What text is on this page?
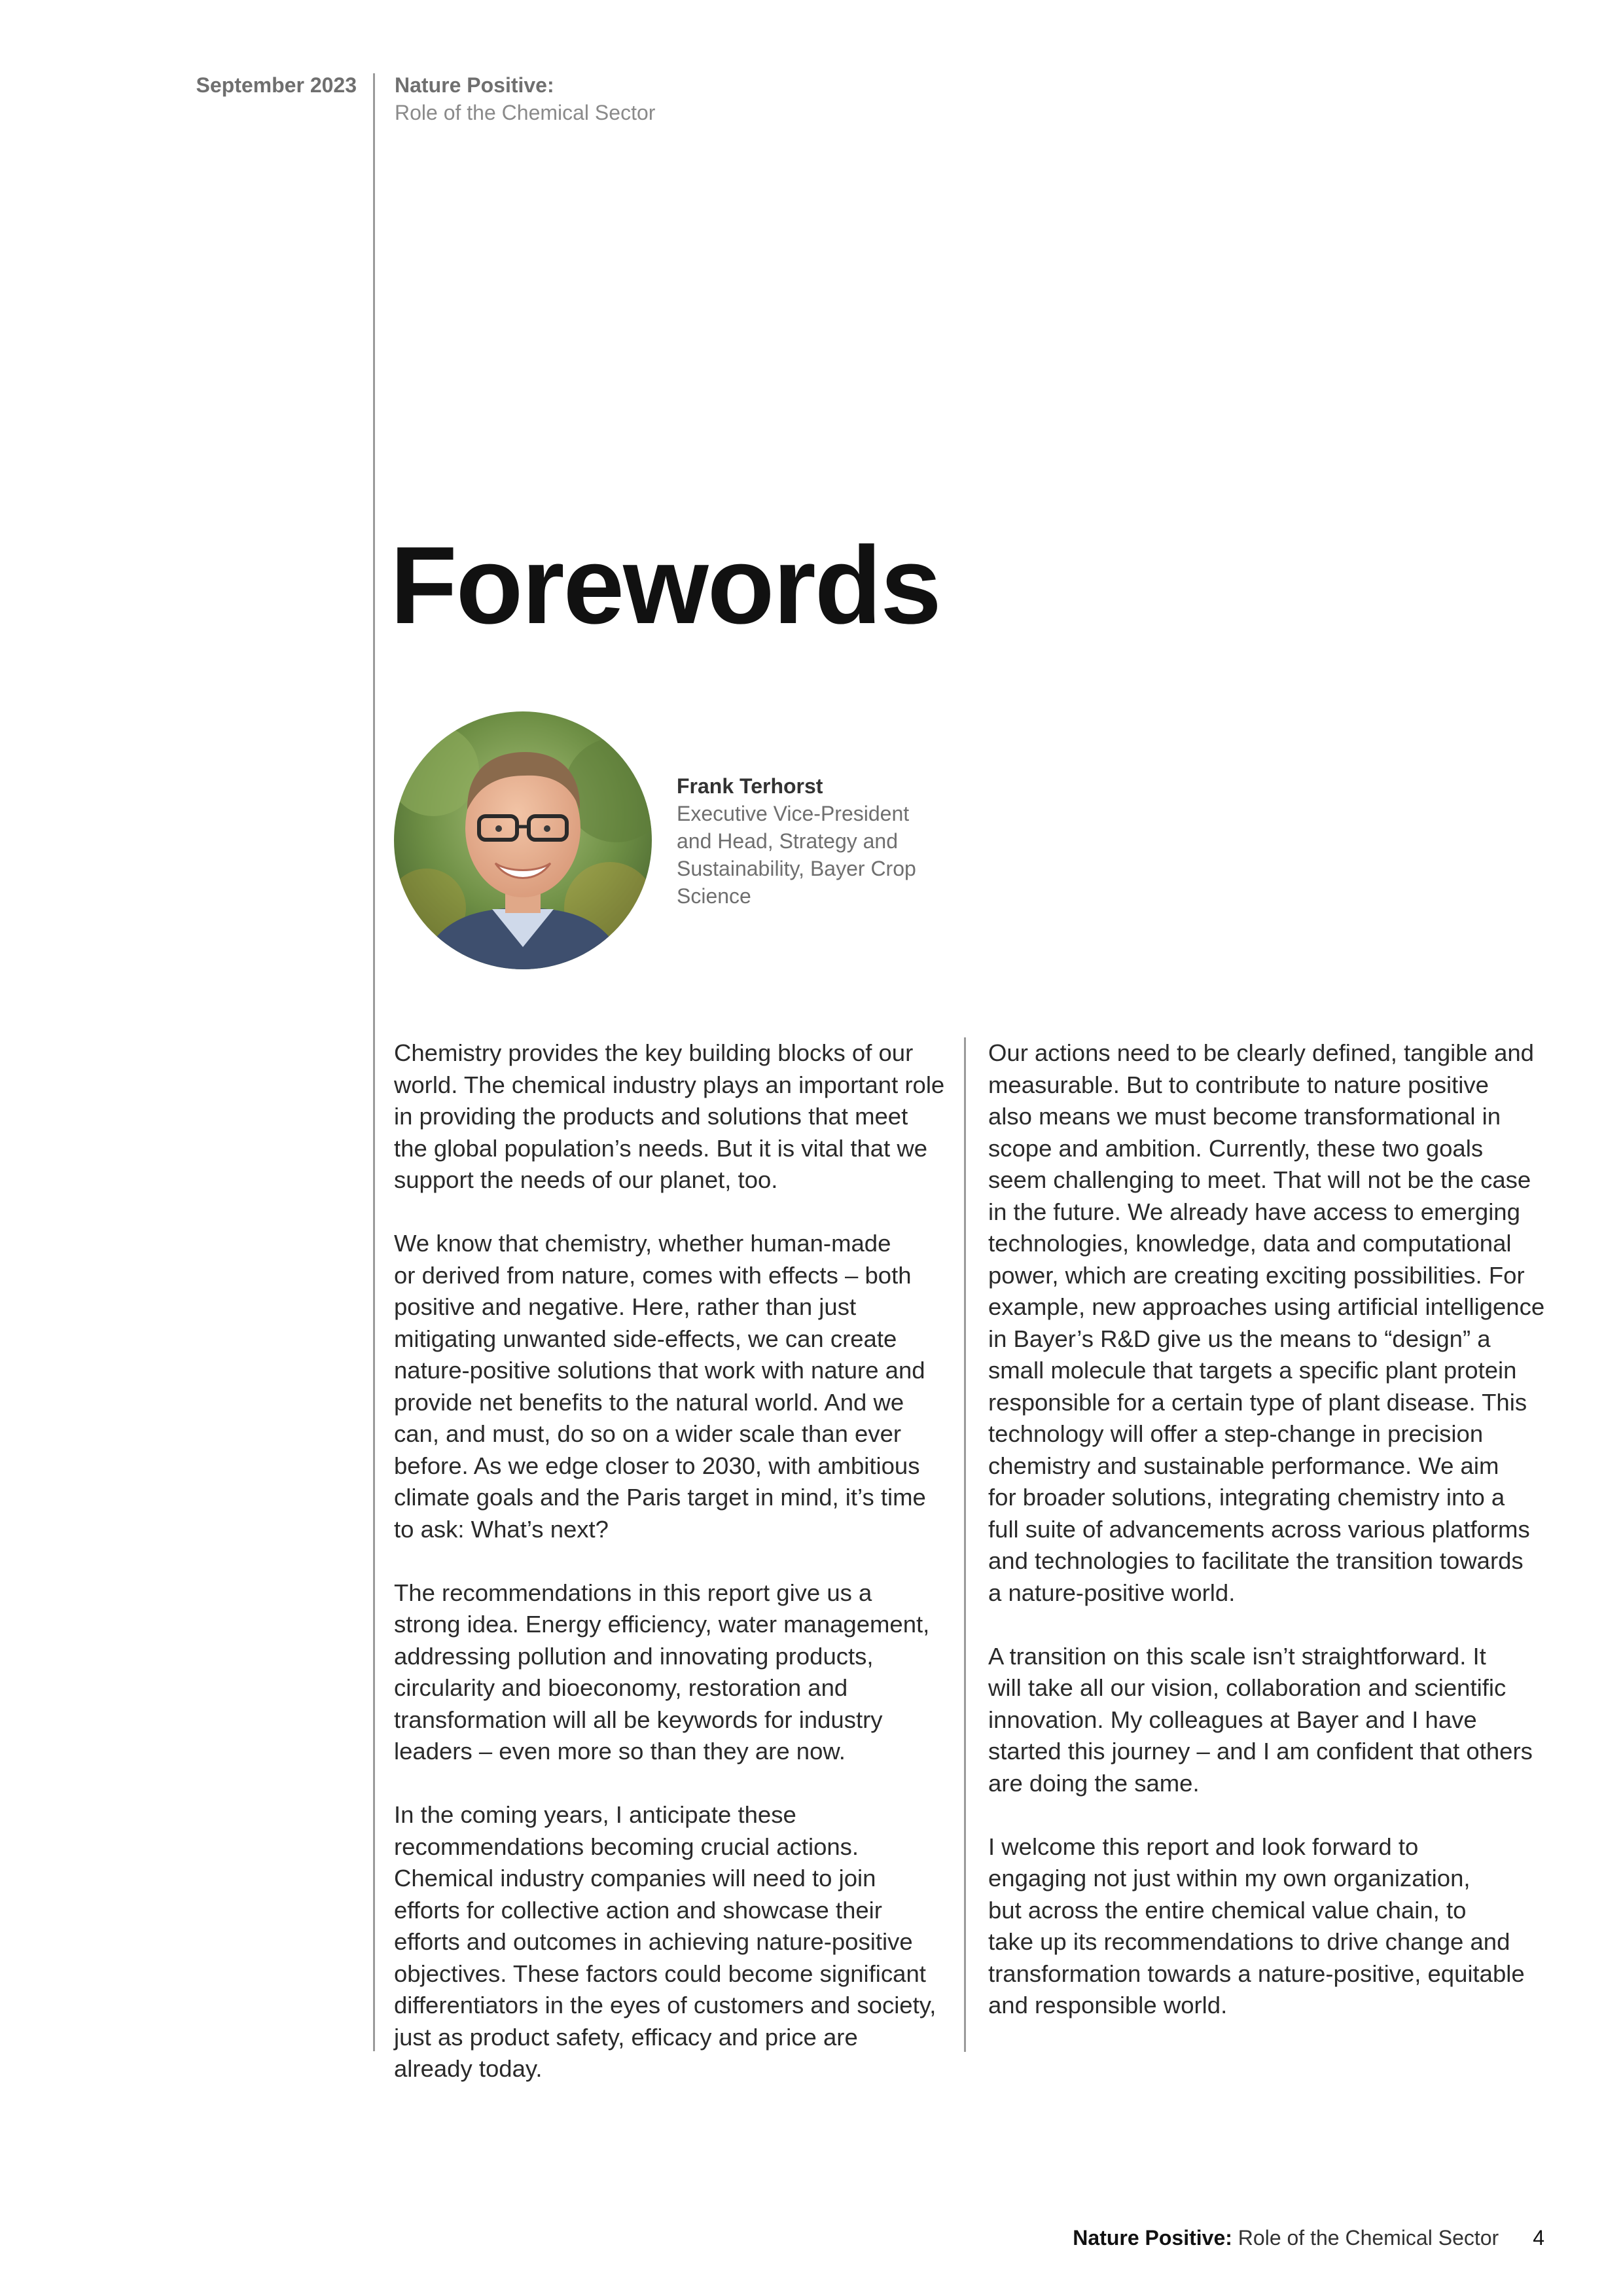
September 2023 Nature Positive:
Role of the Chemical Sector
Forewords
Frank Terhorst
Executive Vice-President
and Head, Strategy and
Sustainability, Bayer Crop
Science

Chemistry provides the key building blocks of our
world. The chemical industry plays an important role
in providing the products and solutions that meet
the global population’s needs. But it is vital that we
support the needs of our planet, too.

We know that chemistry, whether human-made
or derived from nature, comes with effects – both
positive and negative. Here, rather than just
mitigating unwanted side-effects, we can create
nature-positive solutions that work with nature and
provide net benefits to the natural world. And we
can, and must, do so on a wider scale than ever
before. As we edge closer to 2030, with ambitious
climate goals and the Paris target in mind, it’s time
to ask: What’s next?

The recommendations in this report give us a
strong idea. Energy efficiency, water management,
addressing pollution and innovating products,
circularity and bioeconomy, restoration and
transformation will all be keywords for industry
leaders – even more so than they are now.

In the coming years, I anticipate these
recommendations becoming crucial actions.
Chemical industry companies will need to join
efforts for collective action and showcase their
efforts and outcomes in achieving nature-positive
objectives. These factors could become significant
differentiators in the eyes of customers and society,
just as product safety, efficacy and price are
already today.

Our actions need to be clearly defined, tangible and
measurable. But to contribute to nature positive
also means we must become transformational in
scope and ambition. Currently, these two goals
seem challenging to meet. That will not be the case
in the future. We already have access to emerging
technologies, knowledge, data and computational
power, which are creating exciting possibilities. For
example, new approaches using artificial intelligence
in Bayer’s R&D give us the means to “design” a
small molecule that targets a specific plant protein
responsible for a certain type of plant disease. This
technology will offer a step-change in precision
chemistry and sustainable performance. We aim
for broader solutions, integrating chemistry into a
full suite of advancements across various platforms
and technologies to facilitate the transition towards
a nature-positive world.

A transition on this scale isn’t straightforward. It
will take all our vision, collaboration and scientific
innovation. My colleagues at Bayer and I have
started this journey – and I am confident that others
are doing the same.

I welcome this report and look forward to
engaging not just within my own organization,
but across the entire chemical value chain, to
take up its recommendations to drive change and
transformation towards a nature-positive, equitable
and responsible world.

Nature Positive: Role of the Chemical Sector 4
